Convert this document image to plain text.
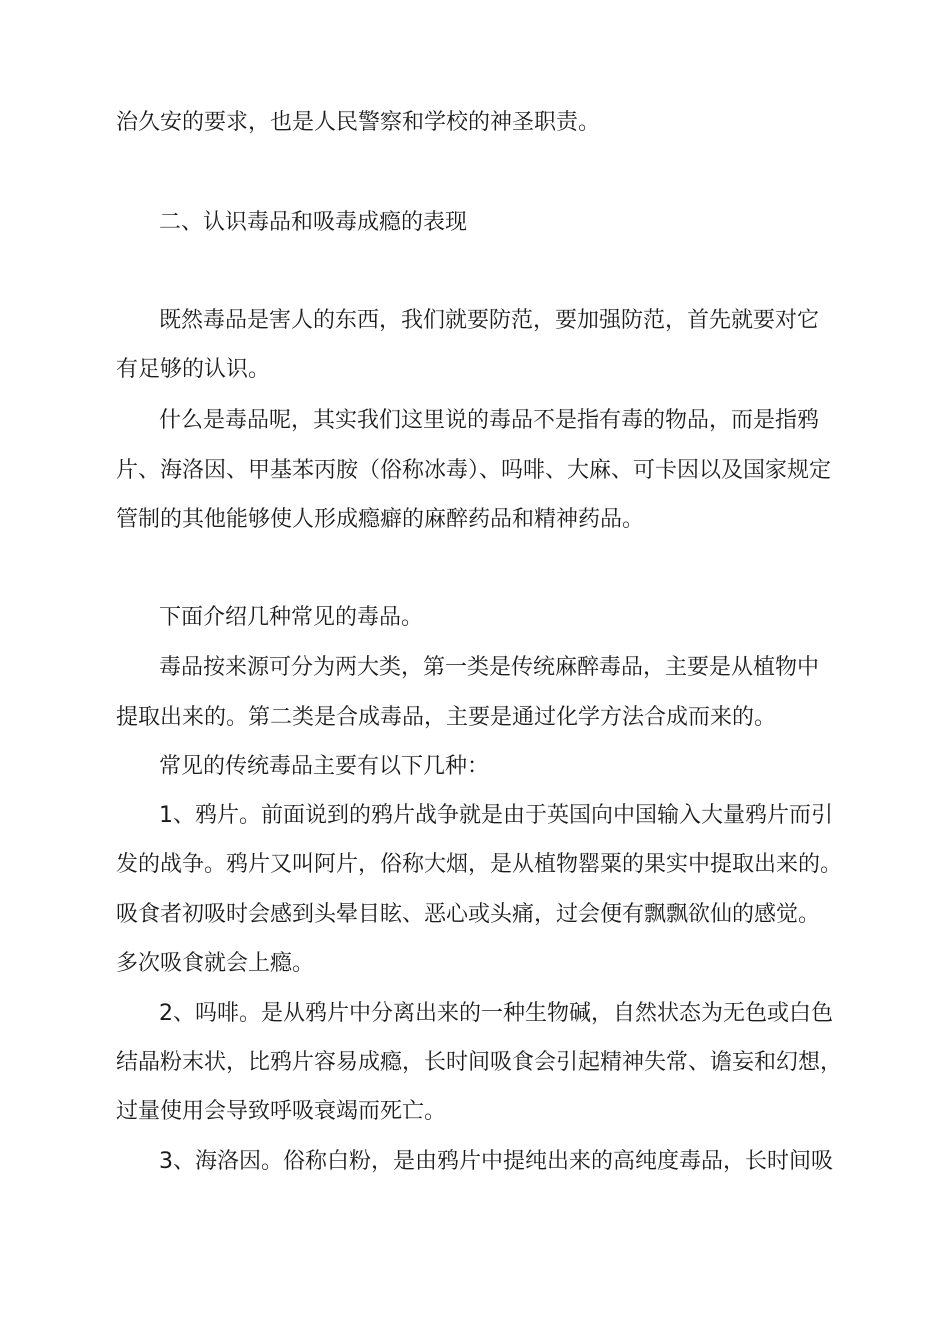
治久安的要求，也是人民警察和学校的神圣职责。
二、认识毒品和吸毒成瘾的表现
既然毒品是害人的东西，我们就要防范，要加强防范，首先就要对它
有足够的认识。
什么是毒品呢，其实我们这里说的毒品不是指有毒的物品，而是指鸦
片、海洛因、甲基苯丙胺（俗称冰毒）、吗啡、大麻、可卡因以及国家规定
管制的其他能够使人形成瘾癖的麻醉药品和精神药品。
下面介绍几种常见的毒品。
毒品按来源可分为两大类，第一类是传统麻醉毒品，主要是从植物中
提取出来的。第二类是合成毒品，主要是通过化学方法合成而来的。
常见的传统毒品主要有以下几种：
1、鸦片。前面说到的鸦片战争就是由于英国向中国输入大量鸦片而引
发的战争。鸦片又叫阿片，俗称大烟，是从植物罂粟的果实中提取出来的。
吸食者初吸时会感到头晕目眩、恶心或头痛，过会便有飘飘欲仙的感觉。
多次吸食就会上瘾。
2、吗啡。是从鸦片中分离出来的一种生物碱，自然状态为无色或白色
结晶粉末状，比鸦片容易成瘾，长时间吸食会引起精神失常、谵妄和幻想，
过量使用会导致呼吸衰竭而死亡。
3、海洛因。俗称白粉，是由鸦片中提纯出来的高纯度毒品，长时间吸
